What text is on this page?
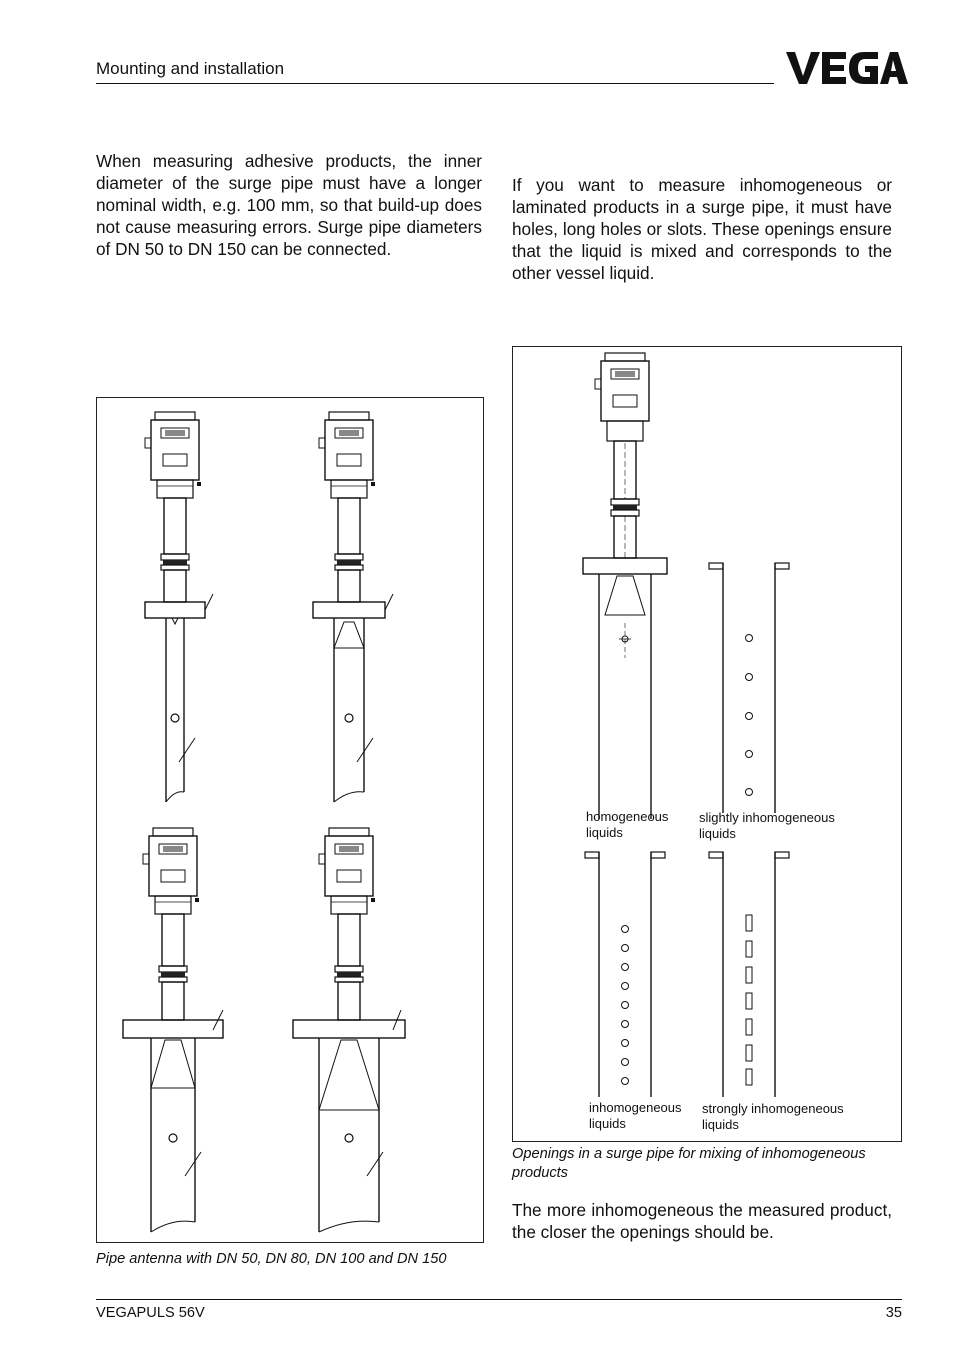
Mounting and installation
When measuring adhesive products, the inner diameter of the surge pipe must have a longer nominal width, e.g. 100 mm, so that build-up does not cause measuring errors. Surge pipe diameters of DN 50 to DN 150 can be connected.
If you want to measure inhomogeneous or laminated products in a surge pipe, it must have holes, long holes or slots. These openings ensure that the liquid is mixed and corresponds to the other vessel liquid.
Pipe antenna with DN 50, DN 80, DN 100 and DN 150
homogeneous
liquids
slightly inhomogeneous
liquids
inhomogeneous
liquids
strongly inhomogeneous
liquids
Openings in a surge pipe for mixing of inhomogeneous products
The more inhomogeneous the measured product, the closer the openings should be.
VEGAPULS 56V	35
